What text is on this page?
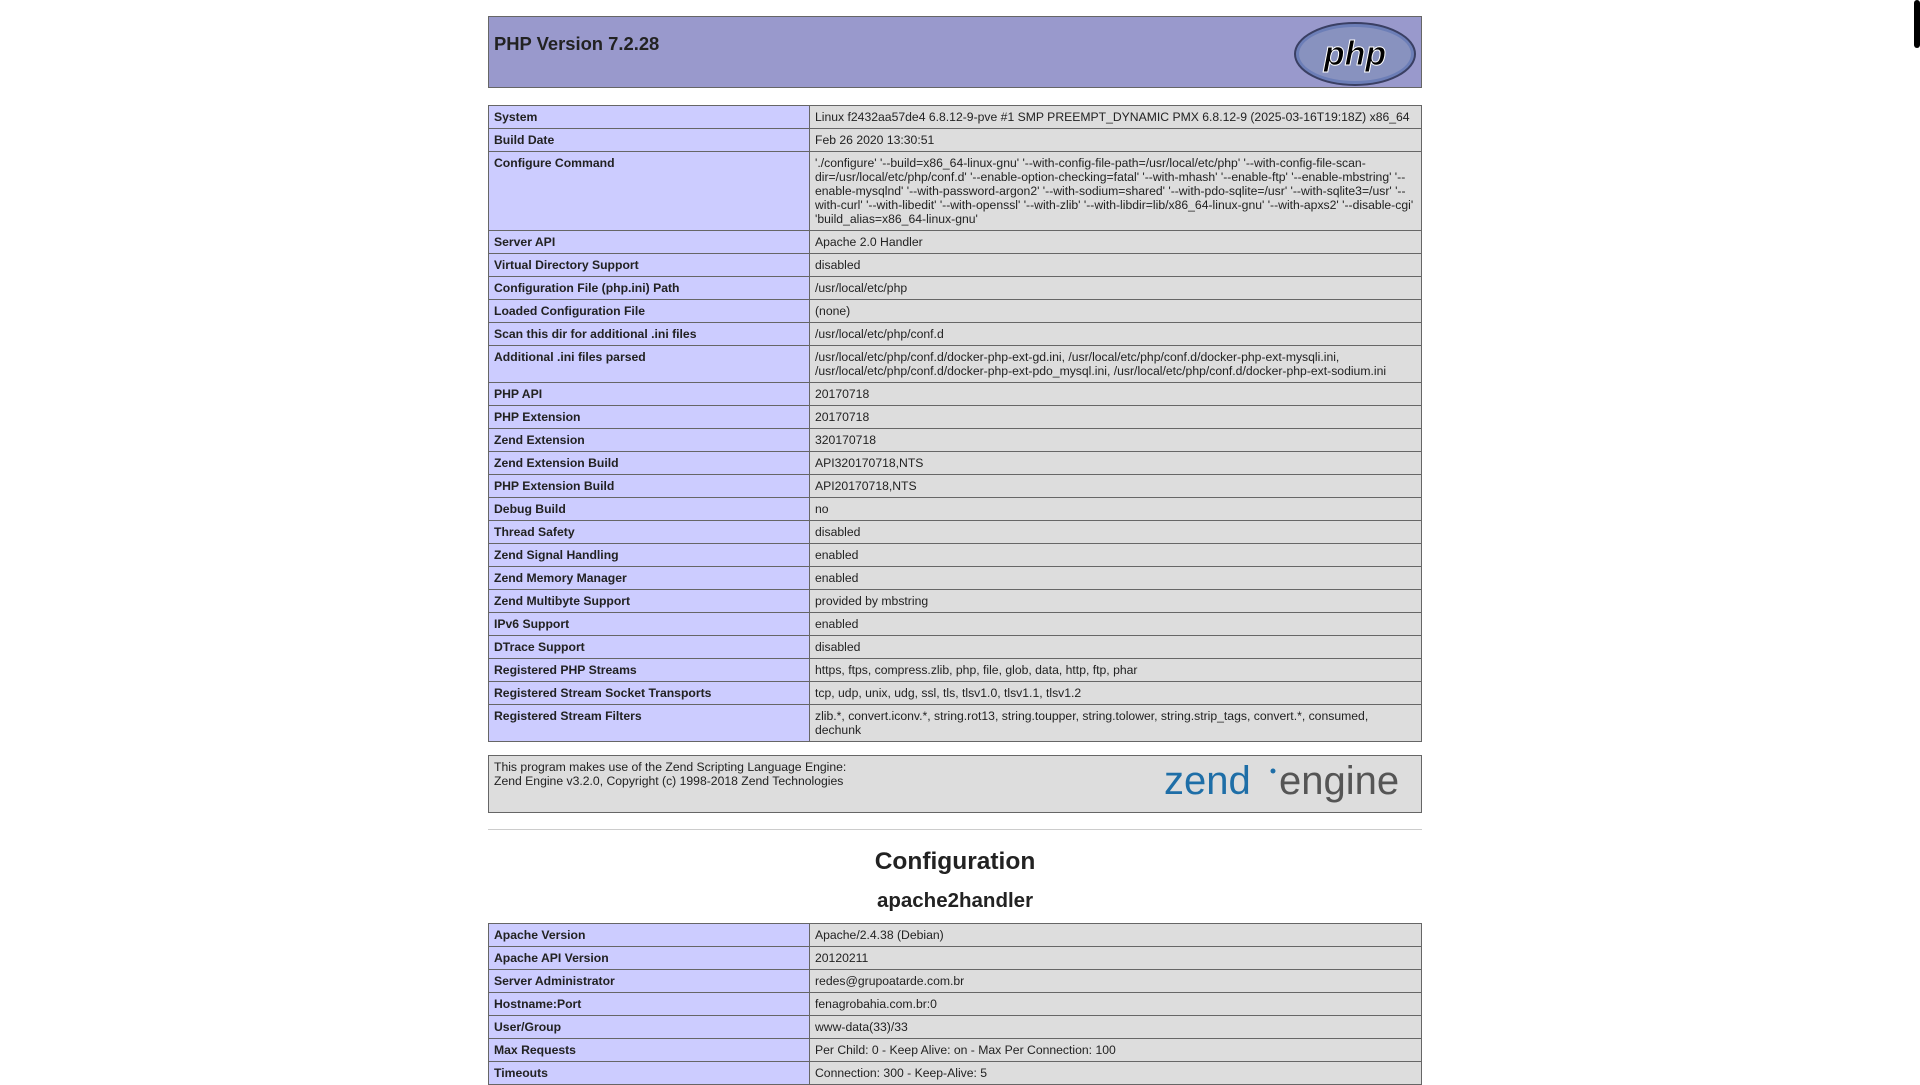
PHP Version 7.2.28	php
System	Linux f2432aa57de4 6.8.12-9-pve #1 SMP PREEMPT_DYNAMIC PMX 6.8.12-9 (2025-03-16T19:18Z) x86_64
Build Date	Feb 26 2020 13:30:51
Configure Command	'./configure' '--build=x86_64-linux-gnu' '--with-config-file-path=/usr/local/etc/php' '--with-config-file-scan-dir=/usr/local/etc/php/conf.d' '--enable-option-checking=fatal' '--with-mhash' '--enable-ftp' '--enable-mbstring' '--enable-mysqlnd' '--with-password-argon2' '--with-sodium=shared' '--with-pdo-sqlite=/usr' '--with-sqlite3=/usr' '--with-curl' '--with-libedit' '--with-openssl' '--with-zlib' '--with-libdir=lib/x86_64-linux-gnu' '--with-apxs2' '--disable-cgi' 'build_alias=x86_64-linux-gnu'
Server API	Apache 2.0 Handler
Virtual Directory Support	disabled
Configuration File (php.ini) Path	/usr/local/etc/php
Loaded Configuration File	(none)
Scan this dir for additional .ini files	/usr/local/etc/php/conf.d
Additional .ini files parsed	/usr/local/etc/php/conf.d/docker-php-ext-gd.ini, /usr/local/etc/php/conf.d/docker-php-ext-mysqli.ini, /usr/local/etc/php/conf.d/docker-php-ext-pdo_mysql.ini, /usr/local/etc/php/conf.d/docker-php-ext-sodium.ini
PHP API	20170718
PHP Extension	20170718
Zend Extension	320170718
Zend Extension Build	API320170718,NTS
PHP Extension Build	API20170718,NTS
Debug Build	no
Thread Safety	disabled
Zend Signal Handling	enabled
Zend Memory Manager	enabled
Zend Multibyte Support	provided by mbstring
IPv6 Support	enabled
DTrace Support	disabled
Registered PHP Streams	https, ftps, compress.zlib, php, file, glob, data, http, ftp, phar
Registered Stream Socket Transports	tcp, udp, unix, udg, ssl, tls, tlsv1.0, tlsv1.1, tlsv1.2
Registered Stream Filters	zlib.*, convert.iconv.*, string.rot13, string.toupper, string.tolower, string.strip_tags, convert.*, consumed, dechunk
This program makes use of the Zend Scripting Language Engine:
Zend Engine v3.2.0, Copyright (c) 1998-2018 Zend Technologies	zend engine
Configuration
apache2handler
Apache Version	Apache/2.4.38 (Debian)
Apache API Version	20120211
Server Administrator	redes@grupoatarde.com.br
Hostname:Port	fenagrobahia.com.br:0
User/Group	www-data(33)/33
Max Requests	Per Child: 0 - Keep Alive: on - Max Per Connection: 100
Timeouts	Connection: 300 - Keep-Alive: 5
